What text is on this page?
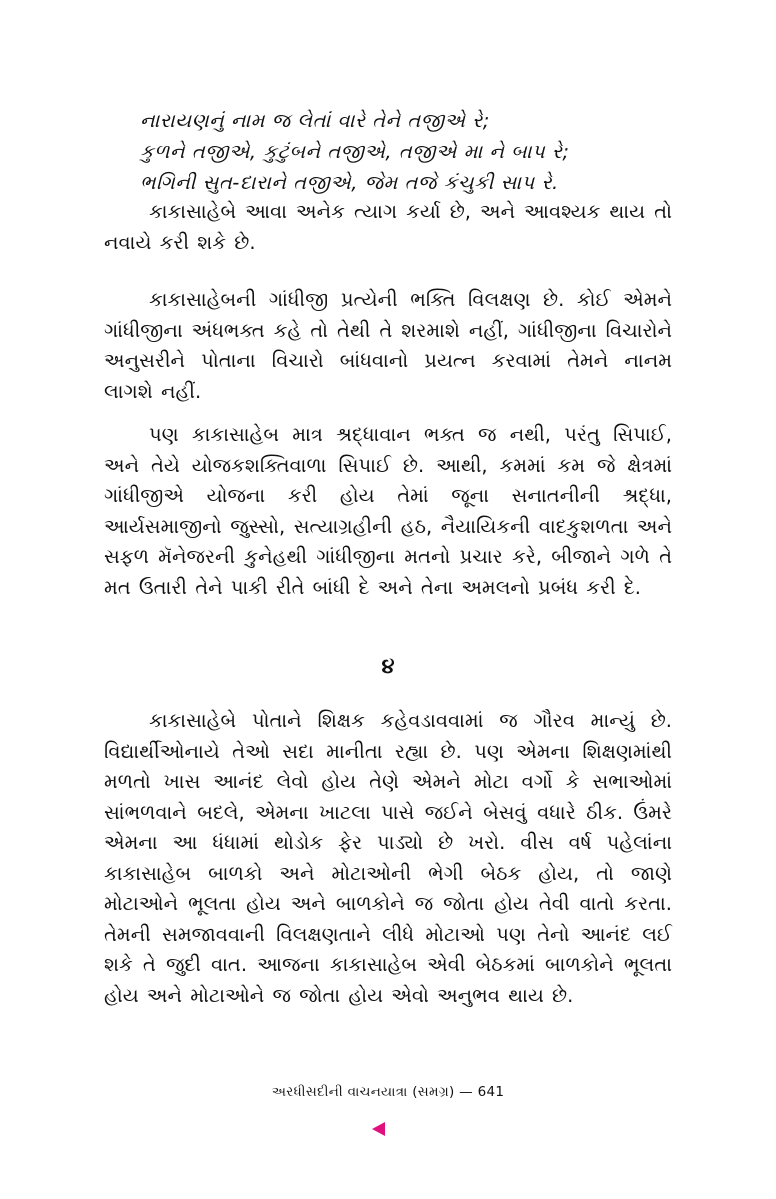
નારાયણનું નામ જ લેતાં વારે તેને તજીએ રે;
કુળને તજીએ, કુટુંબને તજીએ, તજીએ મા ને બાપ રે;
ભગિની સુત-દારાને તજીએ, જેમ તજે કંચુકી સાપ રે.

કાકાસાહેબે આવા અનેક ત્યાગ કર્યા છે, અને આવશ્યક થાય તો નવાયે કરી શકે છે.

કાકાસાહેબની ગાંધીજી પ્રત્યેની ભક્તિ વિલક્ષણ છે. કોઈ એમને ગાંધીજીના અંધભક્ત કહે તો તેથી તે શરમાશે નહીં, ગાંધીજીના વિચારોને અનુસરીને પોતાના વિચારો બાંધવાનો પ્રયત્ન કરવામાં તેમને નાનમ લાગશે નહીં.

પણ કાકાસાહેબ માત્ર શ્રદ્ધાવાન ભક્ત જ નથી, પરંતુ સિપાઈ, અને તેયે યોજકશક્તિવાળા સિપાઈ છે. આથી, કમમાં કમ જે ક્ષેત્રમાં ગાંધીજીએ યોજના કરી હોય તેમાં જૂના સનાતનીની શ્રદ્ધા, આર્યસમાજીનો જુસ્સો, સત્યાગ્રહીની હઠ, નૈયાયિકની વાદકુશળતા અને સફળ મૅનેજરની કુનેહથી ગાંધીજીના મતનો પ્રચાર કરે, બીજાને ગળે તે મત ઉતારી તેને પાકી રીતે બાંધી દે અને તેના અમલનો પ્રબંધ કરી દે.

૪

કાકાસાહેબે પોતાને શિક્ષક કહેવડાવવામાં જ ગૌરવ માન્યું છે. વિદ્યાર્થીઓનાયે તેઓ સદા માનીતા રહ્યા છે. પણ એમના શિક્ષણમાંથી મળતો ખાસ આનંદ લેવો હોય તેણે એમને મોટા વર્ગો કે સભાઓમાં સાંભળવાને બદલે, એમના ખાટલા પાસે જઈને બેસવું વધારે ઠીક. ઉંમરે એમના આ ધંધામાં થોડોક ફેર પાડ્યો છે ખરો. વીસ વર્ષ પહેલાંના કાકાસાહેબ બાળકો અને મોટાઓની ભેગી બેઠક હોય, તો જાણે મોટાઓને ભૂલતા હોય અને બાળકોને જ જોતા હોય તેવી વાતો કરતા. તેમની સમજાવવાની વિલક્ષણતાને લીધે મોટાઓ પણ તેનો આનંદ લઈ શકે તે જુદી વાત. આજના કાકાસાહેબ એવી બેઠકમાં બાળકોને ભૂલતા હોય અને મોટાઓને જ જોતા હોય એવો અનુભવ થાય છે.

અરધીસદીની વાચનયાત્રા (સમગ્ર) — 641
